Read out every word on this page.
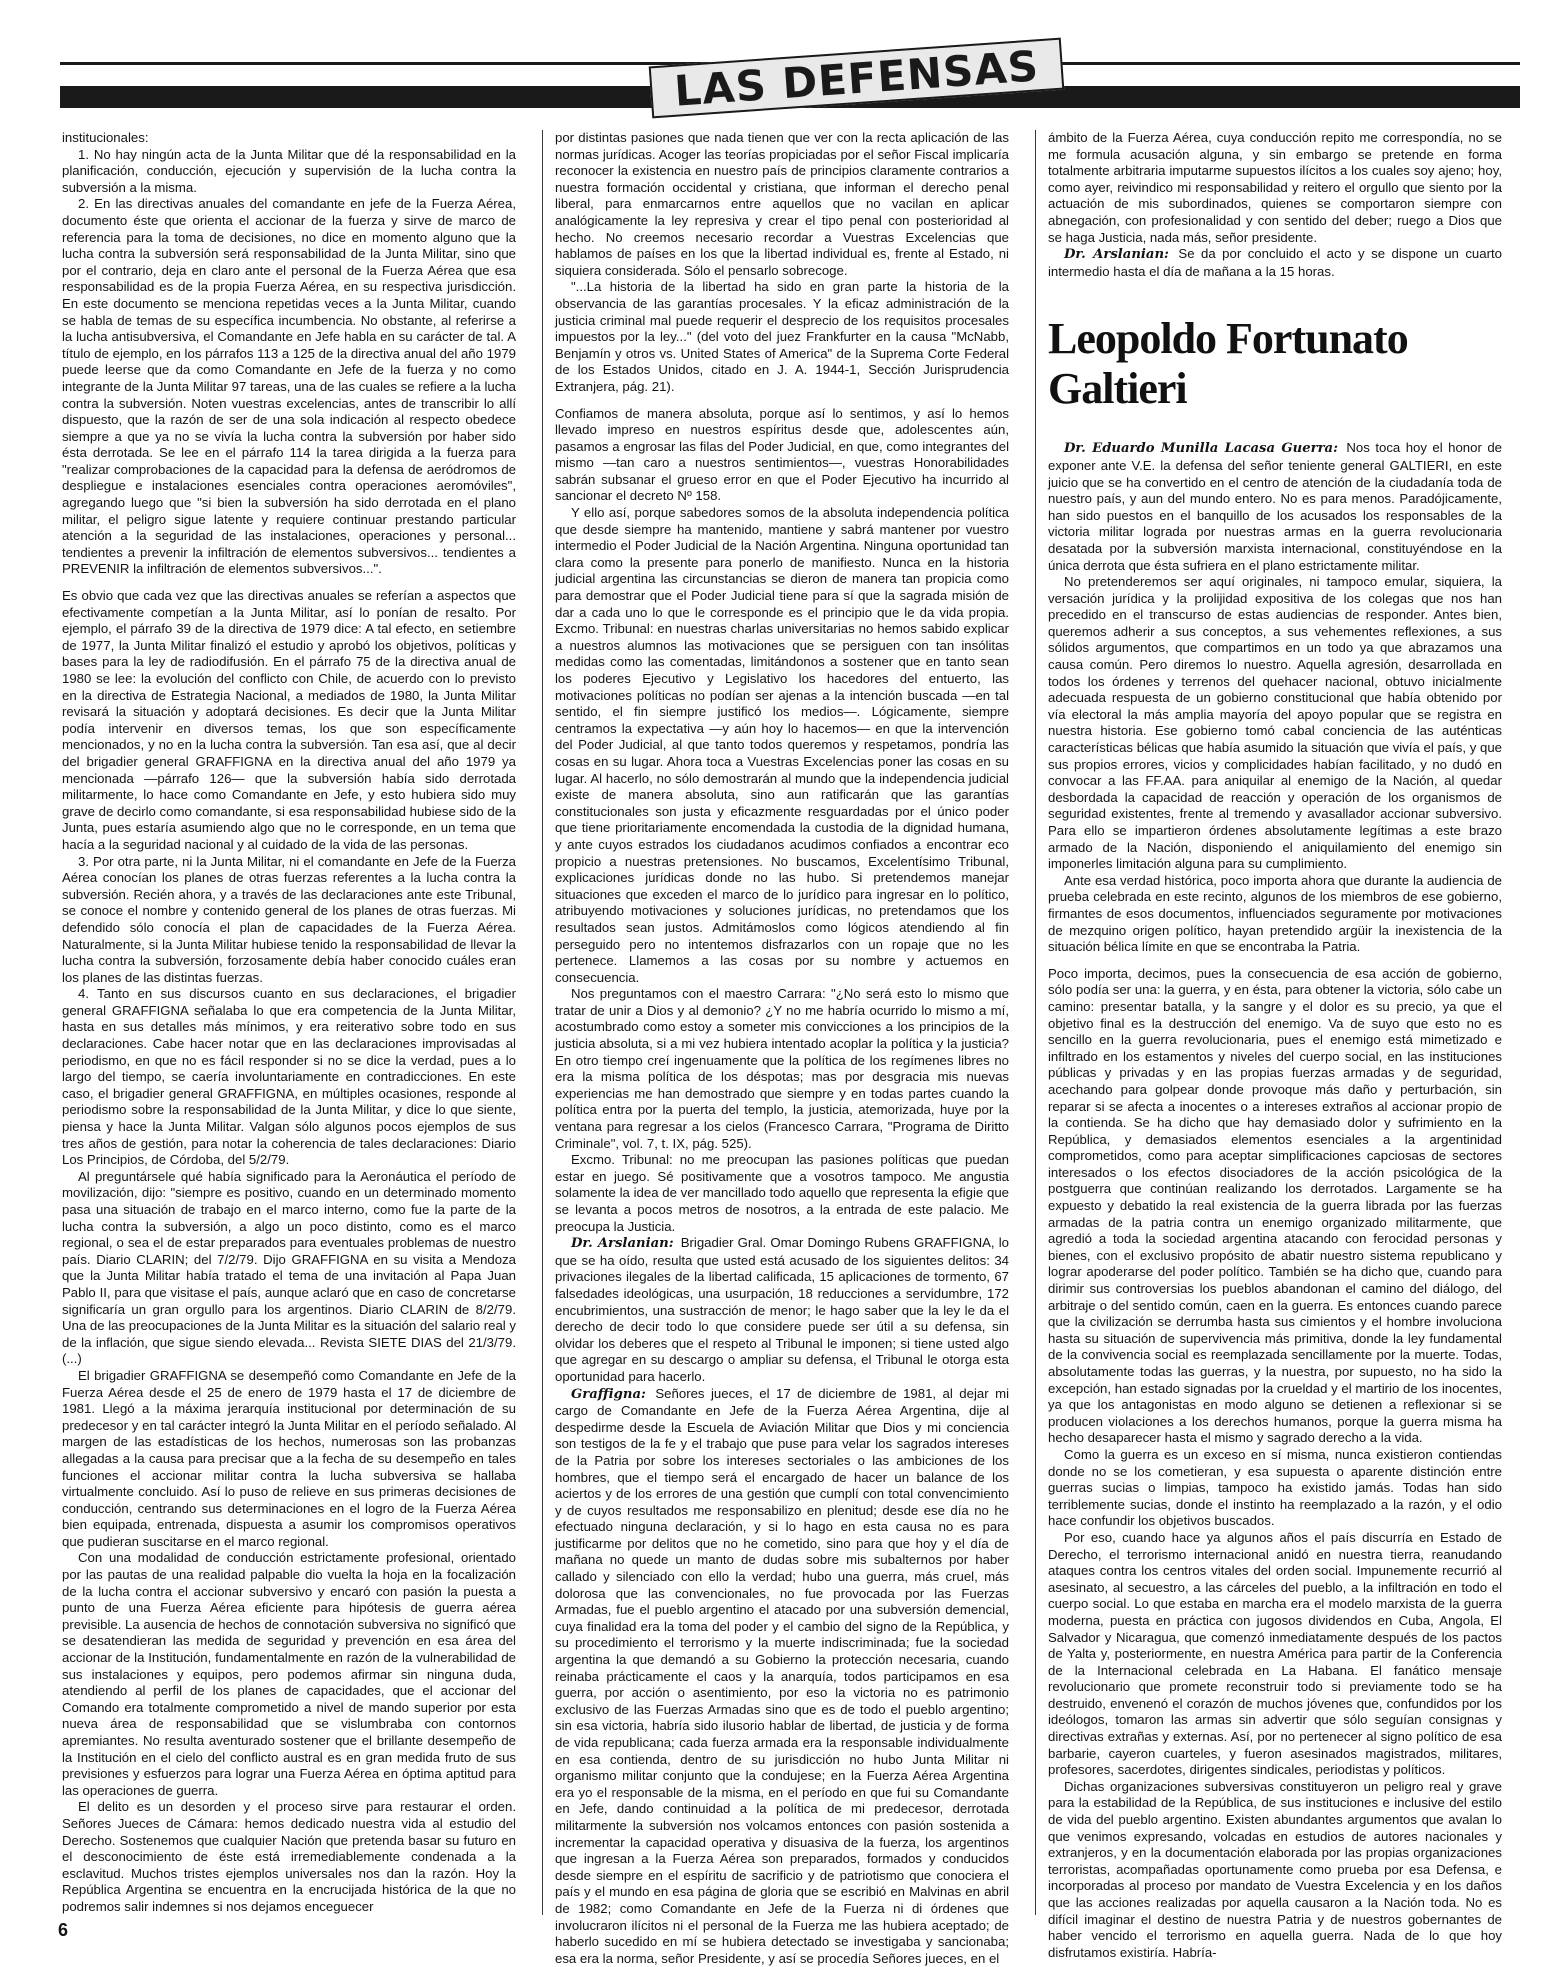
LAS DEFENSAS

institucionales:

1. No hay ningún acta de la Junta Militar que dé la responsabilidad en la planificación, conducción, ejecución y supervisión de la lucha contra la subversión a la misma.

2. En las directivas anuales del comandante en jefe de la Fuerza Aérea, documento éste que orienta el accionar de la fuerza y sirve de marco de referencia para la toma de decisiones, no dice en momento alguno que la lucha contra la subversión será responsabilidad de la Junta Militar, sino que por el contrario, deja en claro ante el personal de la Fuerza Aérea que esa responsabilidad es de la propia Fuerza Aérea, en su respectiva jurisdicción. En este documento se menciona repetidas veces a la Junta Militar, cuando se habla de temas de su específica incumbencia. No obstante, al referirse a la lucha antisubversiva, el Comandante en Jefe habla en su carácter de tal. A título de ejemplo, en los párrafos 113 a 125 de la directiva anual del año 1979 puede leerse que da como Comandante en Jefe de la fuerza y no como integrante de la Junta Militar 97 tareas, una de las cuales se refiere a la lucha contra la subversión. Noten vuestras excelencias, antes de transcribir lo allí dispuesto, que la razón de ser de una sola indicación al respecto obedece siempre a que ya no se vivía la lucha contra la subversión por haber sido ésta derrotada. Se lee en el párrafo 114 la tarea dirigida a la fuerza para "realizar comprobaciones de la capacidad para la defensa de aeródromos de despliegue e instalaciones esenciales contra operaciones aeromóviles", agregando luego que "si bien la subversión ha sido derrotada en el plano militar, el peligro sigue latente y requiere continuar prestando particular atención a la seguridad de las instalaciones, operaciones y personal... tendientes a prevenir la infiltración de elementos subversivos... tendientes a PREVENIR la infiltración de elementos subversivos...".

Es obvio que cada vez que las directivas anuales se referían a aspectos que efectivamente competían a la Junta Militar, así lo ponían de resalto. Por ejemplo, el párrafo 39 de la directiva de 1979 dice: A tal efecto, en setiembre de 1977, la Junta Militar finalizó el estudio y aprobó los objetivos, políticas y bases para la ley de radiodifusión. En el párrafo 75 de la directiva anual de 1980 se lee: la evolución del conflicto con Chile, de acuerdo con lo previsto en la directiva de Estrategia Nacional, a mediados de 1980, la Junta Militar revisará la situación y adoptará decisiones. Es decir que la Junta Militar podía intervenir en diversos temas, los que son específicamente mencionados, y no en la lucha contra la subversión. Tan esa así, que al decir del brigadier general GRAFFIGNA en la directiva anual del año 1979 ya mencionada —párrafo 126— que la subversión había sido derrotada militarmente, lo hace como Comandante en Jefe, y esto hubiera sido muy grave de decirlo como comandante, si esa responsabilidad hubiese sido de la Junta, pues estaría asumiendo algo que no le corresponde, en un tema que hacía a la seguridad nacional y al cuidado de la vida de las personas.

3. Por otra parte, ni la Junta Militar, ni el comandante en Jefe de la Fuerza Aérea conocían los planes de otras fuerzas referentes a la lucha contra la subversión. Recién ahora, y a través de las declaraciones ante este Tribunal, se conoce el nombre y contenido general de los planes de otras fuerzas. Mi defendido sólo conocía el plan de capacidades de la Fuerza Aérea. Naturalmente, si la Junta Militar hubiese tenido la responsabilidad de llevar la lucha contra la subversión, forzosamente debía haber conocido cuáles eran los planes de las distintas fuerzas.

4. Tanto en sus discursos cuanto en sus declaraciones, el brigadier general GRAFFIGNA señalaba lo que era competencia de la Junta Militar, hasta en sus detalles más mínimos, y era reiterativo sobre todo en sus declaraciones. Cabe hacer notar que en las declaraciones improvisadas al periodismo, en que no es fácil responder si no se dice la verdad, pues a lo largo del tiempo, se caería involuntariamente en contradicciones. En este caso, el brigadier general GRAFFIGNA, en múltiples ocasiones, responde al periodismo sobre la responsabilidad de la Junta Militar, y dice lo que siente, piensa y hace la Junta Militar. Valgan sólo algunos pocos ejemplos de sus tres años de gestión, para notar la coherencia de tales declaraciones: Diario Los Principios, de Córdoba, del 5/2/79.

Al preguntársele qué había significado para la Aeronáutica el período de movilización, dijo: "siempre es positivo, cuando en un determinado momento pasa una situación de trabajo en el marco interno, como fue la parte de la lucha contra la subversión, a algo un poco distinto, como es el marco regional, o sea el de estar preparados para eventuales problemas de nuestro país. Diario CLARIN; del 7/2/79. Dijo GRAFFIGNA en su visita a Mendoza que la Junta Militar había tratado el tema de una invitación al Papa Juan Pablo II, para que visitase el país, aunque aclaró que en caso de concretarse significaría un gran orgullo para los argentinos. Diario CLARIN de 8/2/79. Una de las preocupaciones de la Junta Militar es la situación del salario real y de la inflación, que sigue siendo elevada... Revista SIETE DIAS del 21/3/79. (...)

El brigadier GRAFFIGNA se desempeñó como Comandante en Jefe de la Fuerza Aérea desde el 25 de enero de 1979 hasta el 17 de diciembre de 1981. Llegó a la máxima jerarquía institucional por determinación de su predecesor y en tal carácter integró la Junta Militar en el período señalado. Al margen de las estadísticas de los hechos, numerosas son las probanzas allegadas a la causa para precisar que a la fecha de su desempeño en tales funciones el accionar militar contra la lucha subversiva se hallaba virtualmente concluido. Así lo puso de relieve en sus primeras decisiones de conducción, centrando sus determinaciones en el logro de la Fuerza Aérea bien equipada, entrenada, dispuesta a asumir los compromisos operativos que pudieran suscitarse en el marco regional.

Con una modalidad de conducción estrictamente profesional, orientado por las pautas de una realidad palpable dio vuelta la hoja en la focalización de la lucha contra el accionar subversivo y encaró con pasión la puesta a punto de una Fuerza Aérea eficiente para hipótesis de guerra aérea previsible. La ausencia de hechos de connotación subversiva no significó que se desatendieran las medida de seguridad y prevención en esa área del accionar de la Institución, fundamentalmente en razón de la vulnerabilidad de sus instalaciones y equipos, pero podemos afirmar sin ninguna duda, atendiendo al perfil de los planes de capacidades, que el accionar del Comando era totalmente comprometido a nivel de mando superior por esta nueva área de responsabilidad que se vislumbraba con contornos apremiantes. No resulta aventurado sostener que el brillante desempeño de la Institución en el cielo del conflicto austral es en gran medida fruto de sus previsiones y esfuerzos para lograr una Fuerza Aérea en óptima aptitud para las operaciones de guerra.

El delito es un desorden y el proceso sirve para restaurar el orden. Señores Jueces de Cámara: hemos dedicado nuestra vida al estudio del Derecho. Sostenemos que cualquier Nación que pretenda basar su futuro en el desconocimiento de éste está irremediablemente condenada a la esclavitud. Muchos tristes ejemplos universales nos dan la razón. Hoy la República Argentina se encuentra en la encrucijada histórica de la que no podremos salir indemnes si nos dejamos enceguecer

por distintas pasiones que nada tienen que ver con la recta aplicación de las normas jurídicas. Acoger las teorías propiciadas por el señor Fiscal implicaría reconocer la existencia en nuestro país de principios claramente contrarios a nuestra formación occidental y cristiana, que informan el derecho penal liberal, para enmarcarnos entre aquellos que no vacilan en aplicar analógicamente la ley represiva y crear el tipo penal con posterioridad al hecho. No creemos necesario recordar a Vuestras Excelencias que hablamos de países en los que la libertad individual es, frente al Estado, ni siquiera considerada. Sólo el pensarlo sobrecoge.

"...La historia de la libertad ha sido en gran parte la historia de la observancia de las garantías procesales. Y la eficaz administración de la justicia criminal mal puede requerir el desprecio de los requisitos procesales impuestos por la ley..." (del voto del juez Frankfurter en la causa "McNabb, Benjamín y otros vs. United States of America" de la Suprema Corte Federal de los Estados Unidos, citado en J. A. 1944-1, Sección Jurisprudencia Extranjera, pág. 21).

Confiamos de manera absoluta, porque así lo sentimos, y así lo hemos llevado impreso en nuestros espíritus desde que, adolescentes aún, pasamos a engrosar las filas del Poder Judicial, en que, como integrantes del mismo —tan caro a nuestros sentimientos—, vuestras Honorabilidades sabrán subsanar el grueso error en que el Poder Ejecutivo ha incurrido al sancionar el decreto Nº 158.

Y ello así, porque sabedores somos de la absoluta independencia política que desde siempre ha mantenido, mantiene y sabrá mantener por vuestro intermedio el Poder Judicial de la Nación Argentina. Ninguna oportunidad tan clara como la presente para ponerlo de manifiesto. Nunca en la historia judicial argentina las circunstancias se dieron de manera tan propicia como para demostrar que el Poder Judicial tiene para sí que la sagrada misión de dar a cada uno lo que le corresponde es el principio que le da vida propia. Excmo. Tribunal: en nuestras charlas universitarias no hemos sabido explicar a nuestros alumnos las motivaciones que se persiguen con tan insólitas medidas como las comentadas, limitándonos a sostener que en tanto sean los poderes Ejecutivo y Legislativo los hacedores del entuerto, las motivaciones políticas no podían ser ajenas a la intención buscada —en tal sentido, el fin siempre justificó los medios—. Lógicamente, siempre centramos la expectativa —y aún hoy lo hacemos— en que la intervención del Poder Judicial, al que tanto todos queremos y respetamos, pondría las cosas en su lugar. Ahora toca a Vuestras Excelencias poner las cosas en su lugar. Al hacerlo, no sólo demostrarán al mundo que la independencia judicial existe de manera absoluta, sino aun ratificarán que las garantías constitucionales son justa y eficazmente resguardadas por el único poder que tiene prioritariamente encomendada la custodia de la dignidad humana, y ante cuyos estrados los ciudadanos acudimos confiados a encontrar eco propicio a nuestras pretensiones. No buscamos, Excelentísimo Tribunal, explicaciones jurídicas donde no las hubo. Si pretendemos manejar situaciones que exceden el marco de lo jurídico para ingresar en lo político, atribuyendo motivaciones y soluciones jurídicas, no pretendamos que los resultados sean justos. Admitámoslos como lógicos atendiendo al fin perseguido pero no intentemos disfrazarlos con un ropaje que no les pertenece. Llamemos a las cosas por su nombre y actuemos en consecuencia.

Nos preguntamos con el maestro Carrara: "¿No será esto lo mismo que tratar de unir a Dios y al demonio? ¿Y no me habría ocurrido lo mismo a mí, acostumbrado como estoy a someter mis convicciones a los principios de la justicia absoluta, si a mi vez hubiera intentado acoplar la política y la justicia? En otro tiempo creí ingenuamente que la política de los regímenes libres no era la misma política de los déspotas; mas por desgracia mis nuevas experiencias me han demostrado que siempre y en todas partes cuando la política entra por la puerta del templo, la justicia, atemorizada, huye por la ventana para regresar a los cielos (Francesco Carrara, "Programa de Diritto Criminale", vol. 7, t. IX, pág. 525).

Excmo. Tribunal: no me preocupan las pasiones políticas que puedan estar en juego. Sé positivamente que a vosotros tampoco. Me angustia solamente la idea de ver mancillado todo aquello que representa la efigie que se levanta a pocos metros de nosotros, a la entrada de este palacio. Me preocupa la Justicia.

Dr. Arslanian: Brigadier Gral. Omar Domingo Rubens GRAFFIGNA, lo que se ha oído, resulta que usted está acusado de los siguientes delitos: 34 privaciones ilegales de la libertad calificada, 15 aplicaciones de tormento, 67 falsedades ideológicas, una usurpación, 18 reducciones a servidumbre, 172 encubrimientos, una sustracción de menor; le hago saber que la ley le da el derecho de decir todo lo que considere puede ser útil a su defensa, sin olvidar los deberes que el respeto al Tribunal le imponen; si tiene usted algo que agregar en su descargo o ampliar su defensa, el Tribunal le otorga esta oportunidad para hacerlo.

Graffigna: Señores jueces, el 17 de diciembre de 1981, al dejar mi cargo de Comandante en Jefe de la Fuerza Aérea Argentina, dije al despedirme desde la Escuela de Aviación Militar que Dios y mi conciencia son testigos de la fe y el trabajo que puse para velar los sagrados intereses de la Patria por sobre los intereses sectoriales o las ambiciones de los hombres, que el tiempo será el encargado de hacer un balance de los aciertos y de los errores de una gestión que cumplí con total convencimiento y de cuyos resultados me responsabilizo en plenitud; desde ese día no he efectuado ninguna declaración, y si lo hago en esta causa no es para justificarme por delitos que no he cometido, sino para que hoy y el día de mañana no quede un manto de dudas sobre mis subalternos por haber callado y silenciado con ello la verdad; hubo una guerra, más cruel, más dolorosa que las convencionales, no fue provocada por las Fuerzas Armadas, fue el pueblo argentino el atacado por una subversión demencial, cuya finalidad era la toma del poder y el cambio del signo de la República, y su procedimiento el terrorismo y la muerte indiscriminada; fue la sociedad argentina la que demandó a su Gobierno la protección necesaria, cuando reinaba prácticamente el caos y la anarquía, todos participamos en esa guerra, por acción o asentimiento, por eso la victoria no es patrimonio exclusivo de las Fuerzas Armadas sino que es de todo el pueblo argentino; sin esa victoria, habría sido ilusorio hablar de libertad, de justicia y de forma de vida republicana; cada fuerza armada era la responsable individualmente en esa contienda, dentro de su jurisdicción no hubo Junta Militar ni organismo militar conjunto que la condujese; en la Fuerza Aérea Argentina era yo el responsable de la misma, en el período en que fui su Comandante en Jefe, dando continuidad a la política de mi predecesor, derrotada militarmente la subversión nos volcamos entonces con pasión sostenida a incrementar la capacidad operativa y disuasiva de la fuerza, los argentinos que ingresan a la Fuerza Aérea son preparados, formados y conducidos desde siempre en el espíritu de sacrificio y de patriotismo que conociera el país y el mundo en esa página de gloria que se escribió en Malvinas en abril de 1982; como Comandante en Jefe de la Fuerza ni di órdenes que involucraron ilícitos ni el personal de la Fuerza me las hubiera aceptado; de haberlo sucedido en mí se hubiera detectado se investigaba y sancionaba; esa era la norma, señor Presidente, y así se procedía Señores jueces, en el

ámbito de la Fuerza Aérea, cuya conducción repito me correspondía, no se me formula acusación alguna, y sin embargo se pretende en forma totalmente arbitraria imputarme supuestos ilícitos a los cuales soy ajeno; hoy, como ayer, reivindico mi responsabilidad y reitero el orgullo que siento por la actuación de mis subordinados, quienes se comportaron siempre con abnegación, con profesionalidad y con sentido del deber; ruego a Dios que se haga Justicia, nada más, señor presidente.

Dr. Arslanian: Se da por concluido el acto y se dispone un cuarto intermedio hasta el día de mañana a la 15 horas.

Leopoldo Fortunato Galtieri

Dr. Eduardo Munilla Lacasa Guerra: Nos toca hoy el honor de exponer ante V.E. la defensa del señor teniente general GALTIERI, en este juicio que se ha convertido en el centro de atención de la ciudadanía toda de nuestro país, y aun del mundo entero. No es para menos. Paradójicamente, han sido puestos en el banquillo de los acusados los responsables de la victoria militar lograda por nuestras armas en la guerra revolucionaria desatada por la subversión marxista internacional, constituyéndose en la única derrota que ésta sufriera en el plano estrictamente militar.

No pretenderemos ser aquí originales, ni tampoco emular, siquiera, la versación jurídica y la prolijidad expositiva de los colegas que nos han precedido en el transcurso de estas audiencias de responder. Antes bien, queremos adherir a sus conceptos, a sus vehementes reflexiones, a sus sólidos argumentos, que compartimos en un todo ya que abrazamos una causa común. Pero diremos lo nuestro. Aquella agresión, desarrollada en todos los órdenes y terrenos del quehacer nacional, obtuvo inicialmente adecuada respuesta de un gobierno constitucional que había obtenido por vía electoral la más amplia mayoría del apoyo popular que se registra en nuestra historia. Ese gobierno tomó cabal conciencia de las auténticas características bélicas que había asumido la situación que vivía el país, y que sus propios errores, vicios y complicidades habían facilitado, y no dudó en convocar a las FF.AA. para aniquilar al enemigo de la Nación, al quedar desbordada la capacidad de reacción y operación de los organismos de seguridad existentes, frente al tremendo y avasallador accionar subversivo. Para ello se impartieron órdenes absolutamente legítimas a este brazo armado de la Nación, disponiendo el aniquilamiento del enemigo sin imponerles limitación alguna para su cumplimiento.

Ante esa verdad histórica, poco importa ahora que durante la audiencia de prueba celebrada en este recinto, algunos de los miembros de ese gobierno, firmantes de esos documentos, influenciados seguramente por motivaciones de mezquino origen político, hayan pretendido argüir la inexistencia de la situación bélica límite en que se encontraba la Patria.

Poco importa, decimos, pues la consecuencia de esa acción de gobierno, sólo podía ser una: la guerra, y en ésta, para obtener la victoria, sólo cabe un camino: presentar batalla, y la sangre y el dolor es su precio, ya que el objetivo final es la destrucción del enemigo. Va de suyo que esto no es sencillo en la guerra revolucionaria, pues el enemigo está mimetizado e infiltrado en los estamentos y niveles del cuerpo social, en las instituciones públicas y privadas y en las propias fuerzas armadas y de seguridad, acechando para golpear donde provoque más daño y perturbación, sin reparar si se afecta a inocentes o a intereses extraños al accionar propio de la contienda. Se ha dicho que hay demasiado dolor y sufrimiento en la República, y demasiados elementos esenciales a la argentinidad comprometidos, como para aceptar simplificaciones capciosas de sectores interesados o los efectos disociadores de la acción psicológica de la postguerra que continúan realizando los derrotados. Largamente se ha expuesto y debatido la real existencia de la guerra librada por las fuerzas armadas de la patria contra un enemigo organizado militarmente, que agredió a toda la sociedad argentina atacando con ferocidad personas y bienes, con el exclusivo propósito de abatir nuestro sistema republicano y lograr apoderarse del poder político. También se ha dicho que, cuando para dirimir sus controversias los pueblos abandonan el camino del diálogo, del arbitraje o del sentido común, caen en la guerra. Es entonces cuando parece que la civilización se derrumba hasta sus cimientos y el hombre involuciona hasta su situación de supervivencia más primitiva, donde la ley fundamental de la convivencia social es reemplazada sencillamente por la muerte. Todas, absolutamente todas las guerras, y la nuestra, por supuesto, no ha sido la excepción, han estado signadas por la crueldad y el martirio de los inocentes, ya que los antagonistas en modo alguno se detienen a reflexionar si se producen violaciones a los derechos humanos, porque la guerra misma ha hecho desaparecer hasta el mismo y sagrado derecho a la vida.

Como la guerra es un exceso en sí misma, nunca existieron contiendas donde no se los cometieran, y esa supuesta o aparente distinción entre guerras sucias o limpias, tampoco ha existido jamás. Todas han sido terriblemente sucias, donde el instinto ha reemplazado a la razón, y el odio hace confundir los objetivos buscados.

Por eso, cuando hace ya algunos años el país discurría en Estado de Derecho, el terrorismo internacional anidó en nuestra tierra, reanudando ataques contra los centros vitales del orden social. Impunemente recurrió al asesinato, al secuestro, a las cárceles del pueblo, a la infiltración en todo el cuerpo social. Lo que estaba en marcha era el modelo marxista de la guerra moderna, puesta en práctica con jugosos dividendos en Cuba, Angola, El Salvador y Nicaragua, que comenzó inmediatamente después de los pactos de Yalta y, posteriormente, en nuestra América para partir de la Conferencia de la Internacional celebrada en La Habana. El fanático mensaje revolucionario que promete reconstruir todo si previamente todo se ha destruido, envenenó el corazón de muchos jóvenes que, confundidos por los ideólogos, tomaron las armas sin advertir que sólo seguían consignas y directivas extrañas y externas. Así, por no pertenecer al signo político de esa barbarie, cayeron cuarteles, y fueron asesinados magistrados, militares, profesores, sacerdotes, dirigentes sindicales, periodistas y políticos.

Dichas organizaciones subversivas constituyeron un peligro real y grave para la estabilidad de la República, de sus instituciones e inclusive del estilo de vida del pueblo argentino. Existen abundantes argumentos que avalan lo que venimos expresando, volcadas en estudios de autores nacionales y extranjeros, y en la documentación elaborada por las propias organizaciones terroristas, acompañadas oportunamente como prueba por esa Defensa, e incorporadas al proceso por mandato de Vuestra Excelencia y en los daños que las acciones realizadas por aquella causaron a la Nación toda. No es difícil imaginar el destino de nuestra Patria y de nuestros gobernantes de haber vencido el terrorismo en aquella guerra. Nada de lo que hoy disfrutamos existiría. Habría-

6
